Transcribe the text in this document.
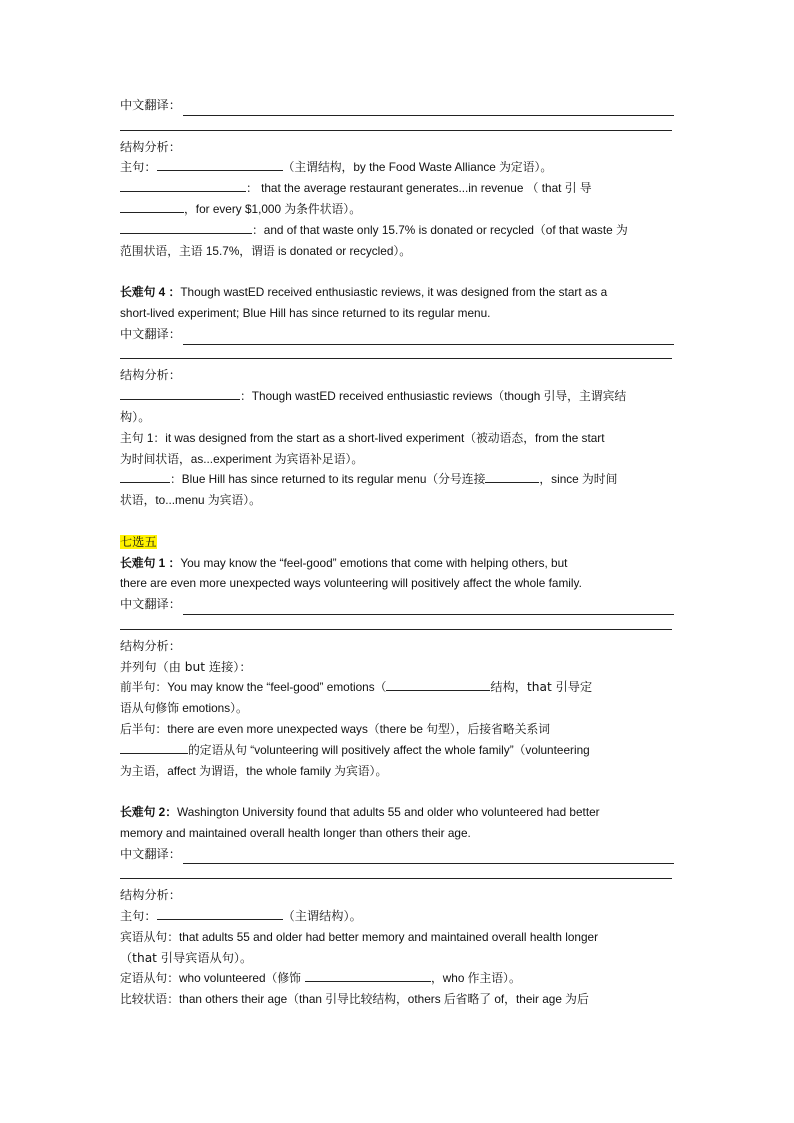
中文翻译：
结构分析：
主句：	（主谓结构，by the Food Waste Alliance 为定语）。
： that the average restaurant generates...in revenue （ that 引 导
，for every $1,000 为条件状语）。
：and of that waste only 15.7% is donated or recycled（of that waste 为
范围状语，主语 15.7%，谓语 is donated or recycled）。
长难句 4 ：Though wastED received enthusiastic reviews, it was designed from the start as a
short-lived experiment; Blue Hill has since returned to its regular menu.
中文翻译：
结构分析：
：Though wastED received enthusiastic reviews（though 引导，主谓宾结
构）。
主句 1：it was designed from the start as a short-lived experiment（被动语态，from the start
为时间状语，as...experiment 为宾语补足语）。
：Blue Hill has since returned to its regular menu（分号连接	，since 为时间
状语，to...menu 为宾语）。
七选五
长难句 1 ：You may know the “feel-good” emotions that come with helping others, but
there are even more unexpected ways volunteering will positively affect the whole family.
中文翻译：
结构分析：
并列句（由 but 连接）：
前半句：You may know the “feel-good” emotions（	结构，that 引导定
语从句修饰 emotions）。
后半句：there are even more unexpected ways（there be 句型），后接省略关系词
的定语从句 “volunteering will positively affect the whole family”（volunteering
为主语，affect 为谓语，the whole family 为宾语）。
长难句 2：Washington University found that adults 55 and older who volunteered had better
memory and maintained overall health longer than others their age.
中文翻译：
结构分析：
主句：	（主谓结构）。
宾语从句：that adults 55 and older had better memory and maintained overall health longer
（that 引导宾语从句）。
定语从句：who volunteered（修饰	，who 作主语）。
比较状语：than others their age（than 引导比较结构，others 后省略了 of，their age 为后
